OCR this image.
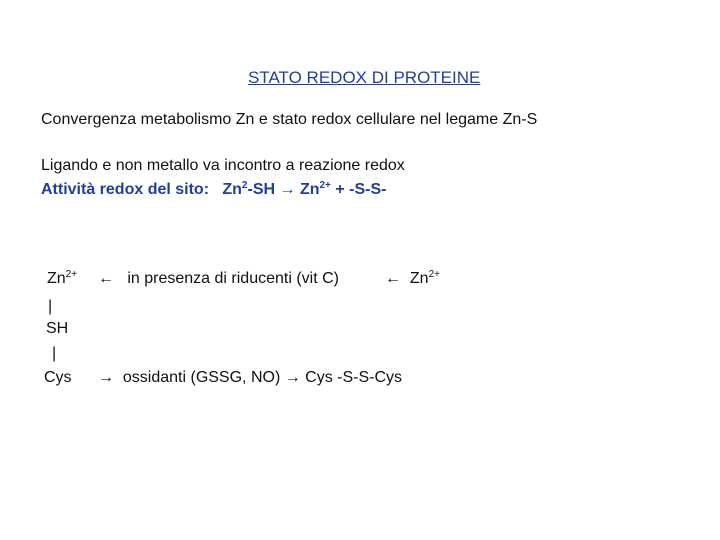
STATO REDOX DI PROTEINE
Convergenza metabolismo Zn e stato redox cellulare nel legame Zn-S
Ligando e non metallo va incontro a reazione redox
Attività redox del sito: $Zn^2-SH \to Zn^{2+} + -S-S-$
$Zn^{2+}$ ← in presenza di riducenti (vit C)	← $Zn^{2+}$
|
SH
|
Cys → ossidanti (GSSG, NO) → Cys -S-S-Cys
